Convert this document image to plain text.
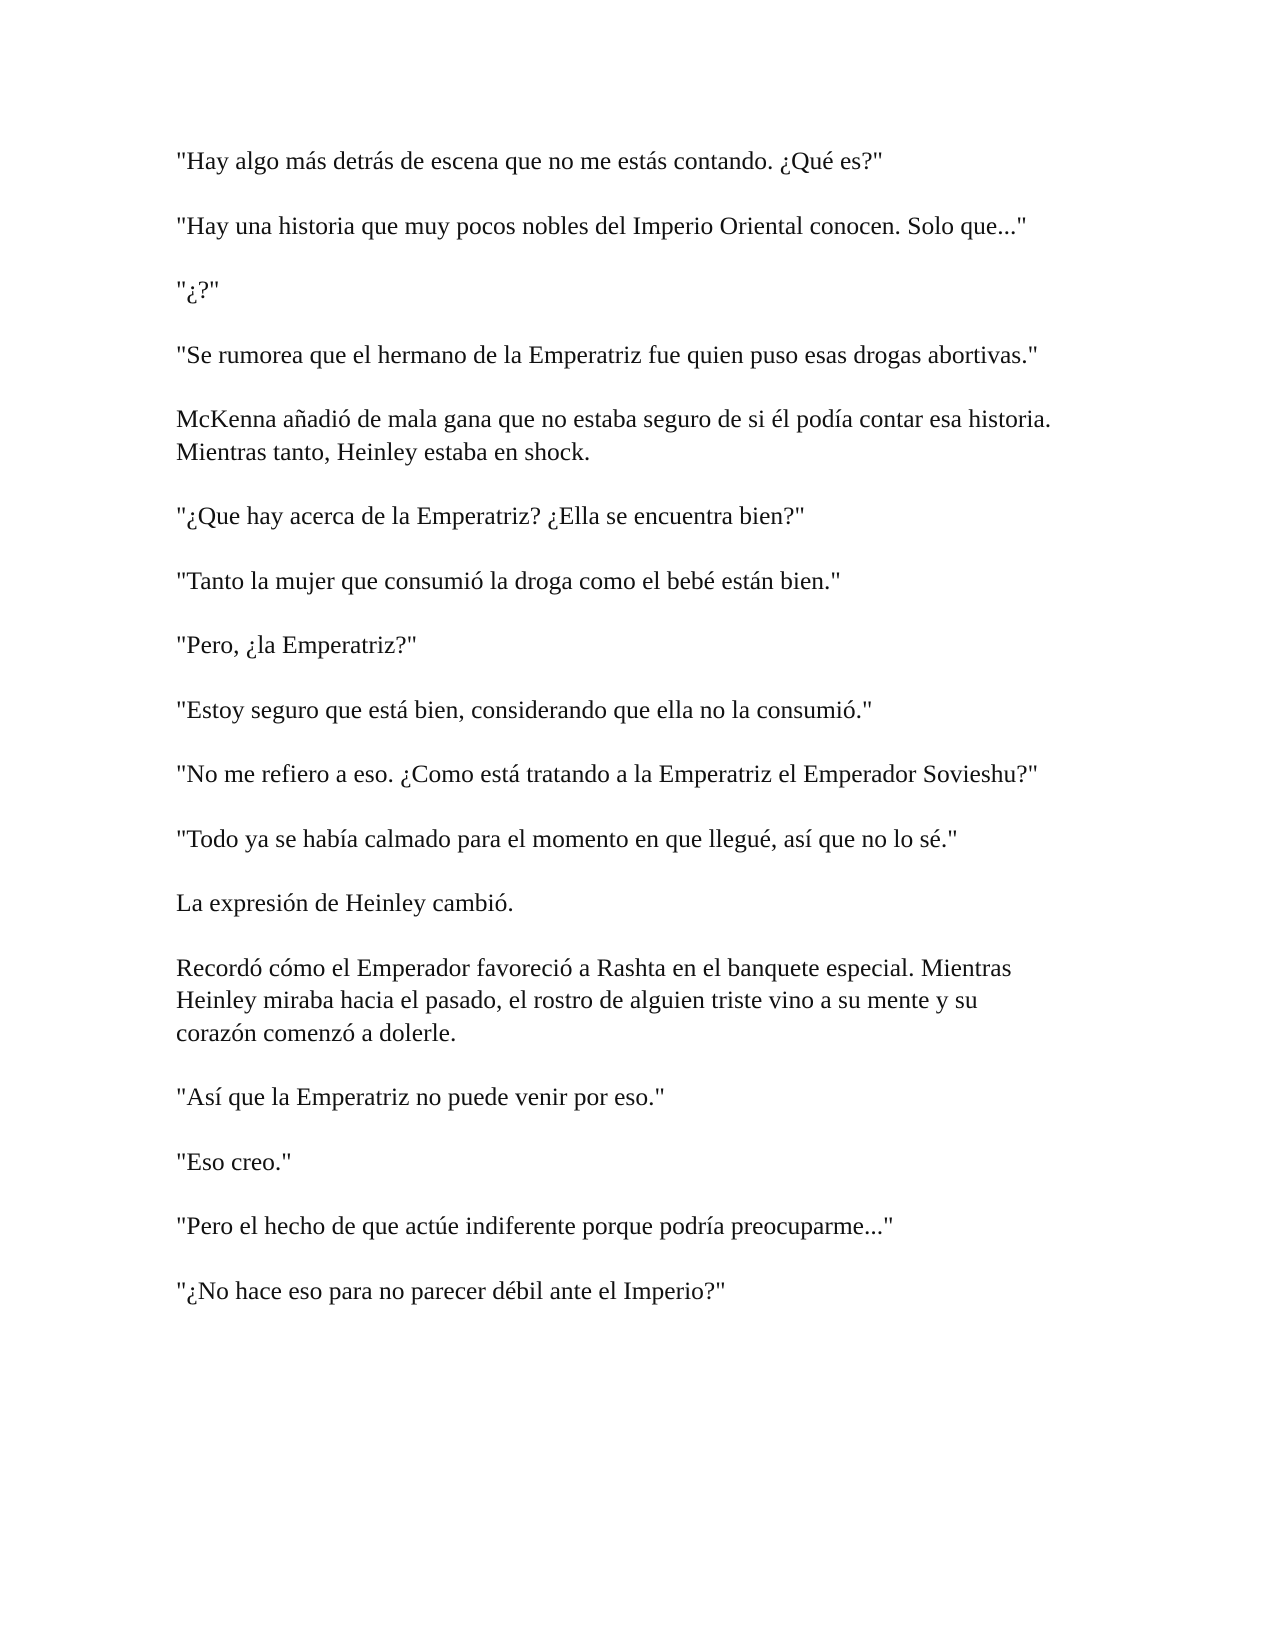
"Hay algo más detrás de escena que no me estás contando. ¿Qué es?"

"Hay una historia que muy pocos nobles del Imperio Oriental conocen. Solo que..."

"¿?"

"Se rumorea que el hermano de la Emperatriz fue quien puso esas drogas abortivas."

McKenna añadió de mala gana que no estaba seguro de si él podía contar esa historia. Mientras tanto, Heinley estaba en shock.

"¿Que hay acerca de la Emperatriz? ¿Ella se encuentra bien?"

"Tanto la mujer que consumió la droga como el bebé están bien."

"Pero, ¿la Emperatriz?"

"Estoy seguro que está bien, considerando que ella no la consumió."

"No me refiero a eso. ¿Como está tratando a la Emperatriz el Emperador Sovieshu?"

"Todo ya se había calmado para el momento en que llegué, así que no lo sé."

La expresión de Heinley cambió.

Recordó cómo el Emperador favoreció a Rashta en el banquete especial. Mientras Heinley miraba hacia el pasado, el rostro de alguien triste vino a su mente y su corazón comenzó a dolerle.

"Así que la Emperatriz no puede venir por eso."

"Eso creo."

"Pero el hecho de que actúe indiferente porque podría preocuparme..."

"¿No hace eso para no parecer débil ante el Imperio?"
